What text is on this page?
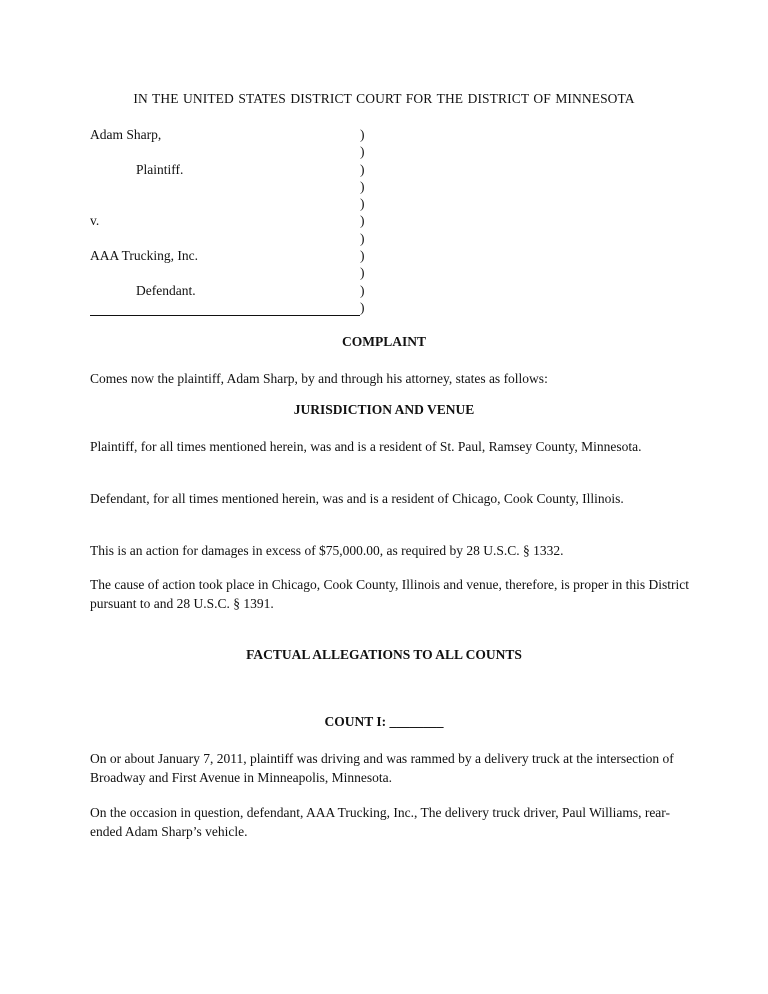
IN THE UNITED STATES DISTRICT COURT FOR THE DISTRICT OF MINNESOTA
Adam Sharp,	)
)
Plaintiff.	)
)
)
v.	)
)
AAA Trucking, Inc.	)
)
Defendant.	)
)
COMPLAINT

Comes now the plaintiff, Adam Sharp, by and through his attorney, states as follows:

JURISDICTION AND VENUE

Plaintiff, for all times mentioned herein, was and is a resident of St. Paul, Ramsey County, Minnesota.

Defendant, for all times mentioned herein, was and is a resident of Chicago, Cook County, Illinois.

This is an action for damages in excess of $75,000.00, as required by 28 U.S.C. § 1332.

The cause of action took place in Chicago, Cook County, Illinois and venue, therefore, is proper in this District pursuant to and 28 U.S.C. § 1391.

FACTUAL ALLEGATIONS TO ALL COUNTS
COUNT I: ________

On or about January 7, 2011, plaintiff was driving and was rammed by a delivery truck at the intersection of Broadway and First Avenue in Minneapolis, Minnesota.

On the occasion in question, defendant, AAA Trucking, Inc., The delivery truck driver, Paul Williams, rear-ended Adam Sharp’s vehicle.
